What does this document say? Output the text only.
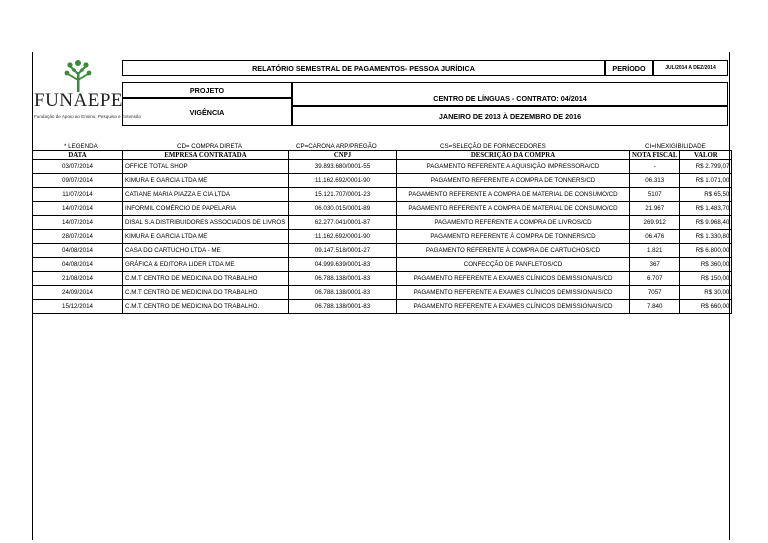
FUNAEPE
Fundação de Apoio ao Ensino, Pesquisa e Extensão
RELATÓRIO SEMESTRAL DE PAGAMENTOS- PESSOA JURÍDICA	PERÍODO	JUL/2014 A DEZ/2014
PROJETO
CENTRO DE LÍNGUAS - CONTRATO: 04/2014
VIGÊNCIA	JANEIRO DE 2013 À DEZEMBRO DE 2016
* LEGENDA	CD= COMPRA DIRETA	CP=CARONA ARP/PREGÃO	CS=SELEÇÃO DE FORNECEDORES	CI=INEXIGIBILIDADE
DATA	EMPRESA CONTRATADA	CNPJ	DESCRIÇÃO DA COMPRA	NOTA FISCAL	VALOR
03/07/2014	OFFICE TOTAL SHOP	39.893.680/0001-55	PAGAMENTO REFERENTE A AQUISIÇÃO IMPRESSORA/CD	-	R$ 2.799,07
09/07/2014	KIMURA E GARCIA LTDA ME	11.162.692/0001-90	PAGAMENTO REFERENTE A COMPRA DE TONNERS/CD	06.313	R$ 1.071,00
11/07/2014	CATIANE MARIA PIAZZA E CIA LTDA	15.121.707/0001-23	PAGAMENTO REFERENTE A COMPRA DE MATERIAL DE CONSUMO/CD	5107	R$ 65,50
14/07/2014	INFORMIL COMÉRCIO DE PAPELARIA	06.030.015/0001-89	PAGAMENTO REFERENTE A COMPRA DE MATERIAL DE CONSUMO/CD	21.967	R$ 1.483,70
14/07/2014	DISAL S.A DISTRIBUIDORES ASSOCIADOS DE LIVROS	62.277.041/0001-87	PAGAMENTO REFERENTE A COMPRA DE LIVROS/CD	269.912	R$ 9.968,40
28/07/2014	KIMURA E GARCIA LTDA ME	11.162.692/0001-90	PAGAMENTO REFERENTE À COMPRA DE TONNERS/CD	06.476	R$ 1.330,80
04/08/2014	CASA DO CARTUCHO LTDA - ME	09.147.518/0001-27	PAGAMENTO REFERENTE À COMPRA DE CARTUCHOS/CD	1.821	R$ 6.800,00
04/08/2014	GRÁFICA & EDITORA LIDER LTDA ME	04.999.639/0001-83	CONFECÇÃO DE PANFLETOS/CD	367	R$ 360,00
21/08/2014	C.M.T CENTRO DE MEDICINA DO TRABALHO	06.788.138/0001-83	PAGAMENTO REFERENTE A EXAMES CLÍNICOS DEMISSIONAIS/CD	6.707	R$ 150,00
24/09/2014	C.M.T CENTRO DE MEDICINA DO TRABALHO	06.788.138/0001-83	PAGAMENTO REFERENTE A EXAMES CLÍNICOS DEMISSIONAIS/CD	7057	R$ 30,00
15/12/2014	C.M.T CENTRO DE MEDICINA DO TRABALHO.	06.788.138/0001-83	PAGAMENTO REFERENTE A EXAMES CLÍNICOS DEMISSIONAIS/CD	7.840	R$ 660,00
